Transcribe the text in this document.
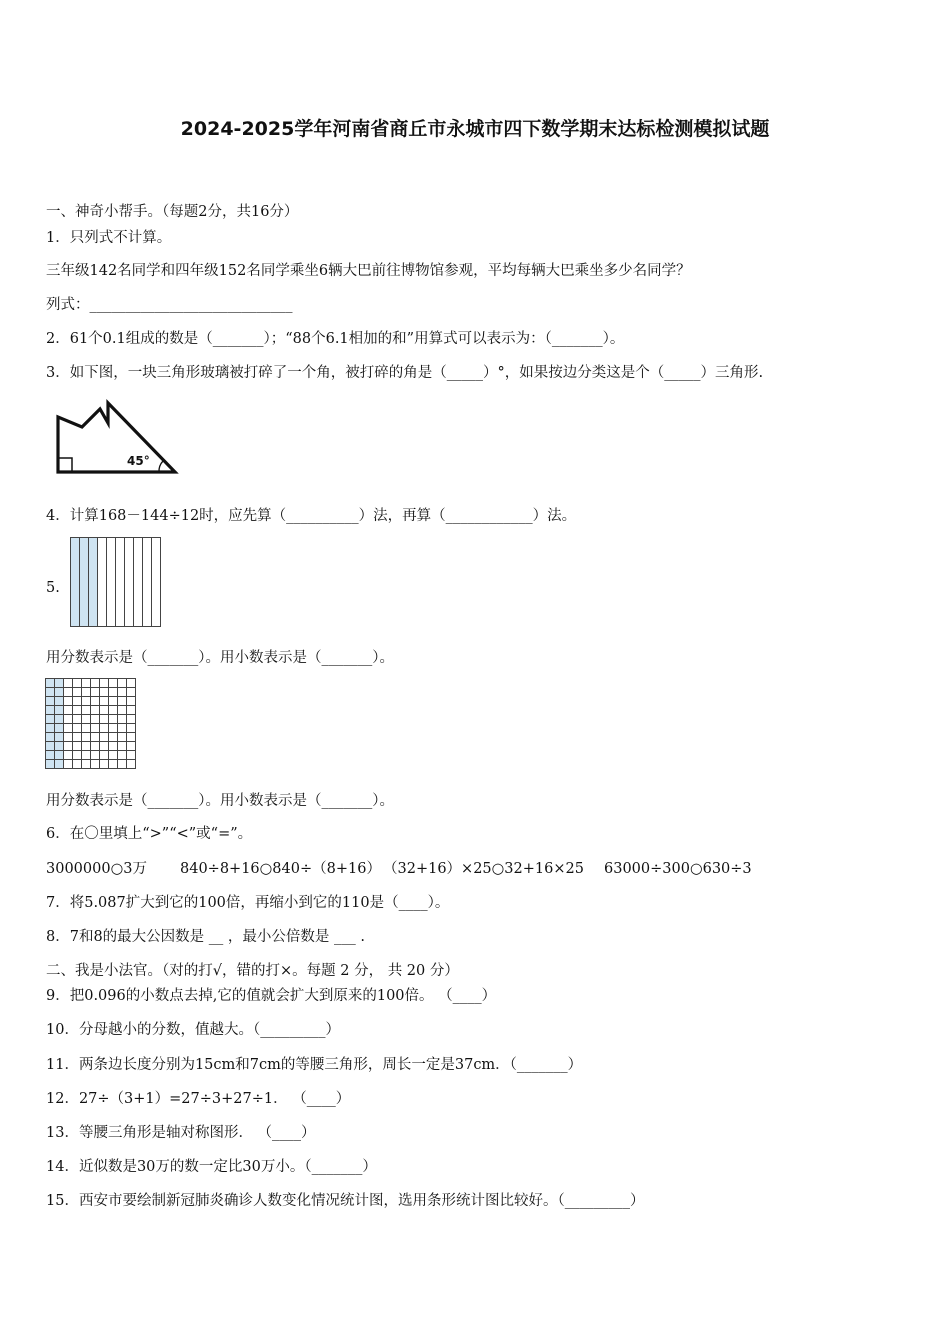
2024-2025学年河南省商丘市永城市四下数学期末达标检测模拟试题
一、神奇小帮手。（每题2分，共16分）
1．只列式不计算。
三年级142名同学和四年级152名同学乘坐6辆大巴前往博物馆参观，平均每辆大巴乘坐多少名同学？
列式：____________________________
2．61个0.1组成的数是（_______）；“88个6.1相加的和”用算式可以表示为：（_______）。
3．如下图，一块三角形玻璃被打碎了一个角，被打碎的角是（_____）°，如果按边分类这是个（_____）三角形.
45°
4．计算168－144÷12时，应先算（__________）法，再算（____________）法。
5.
用分数表示是（_______）。用小数表示是（_______）。
用分数表示是（_______）。用小数表示是（_______）。
6．在〇里填上“>”“<”或“=”。
3000000○3万 840÷8+16○840÷（8+16） （32+16）×25○32+16×25 63000÷300○630÷3
7．将5.087扩大到它的100倍，再缩小到它的110是（____）。
8．7和8的最大公因数是 __ ，最小公倍数是 ___ .
二、我是小法官。（对的打√，错的打×。每题 2 分， 共 20 分）
9．把0.096的小数点去掉,它的值就会扩大到原来的100倍。 （____）
10．分母越小的分数，值越大。（_________）
11．两条边长度分别为15cm和7cm的等腰三角形，周长一定是37cm．（_______）
12．27÷（3+1）=27÷3+27÷1． （____）
13．等腰三角形是轴对称图形． （____）
14．近似数是30万的数一定比30万小。（_______）
15．西安市要绘制新冠肺炎确诊人数变化情况统计图，选用条形统计图比较好。（_________）
